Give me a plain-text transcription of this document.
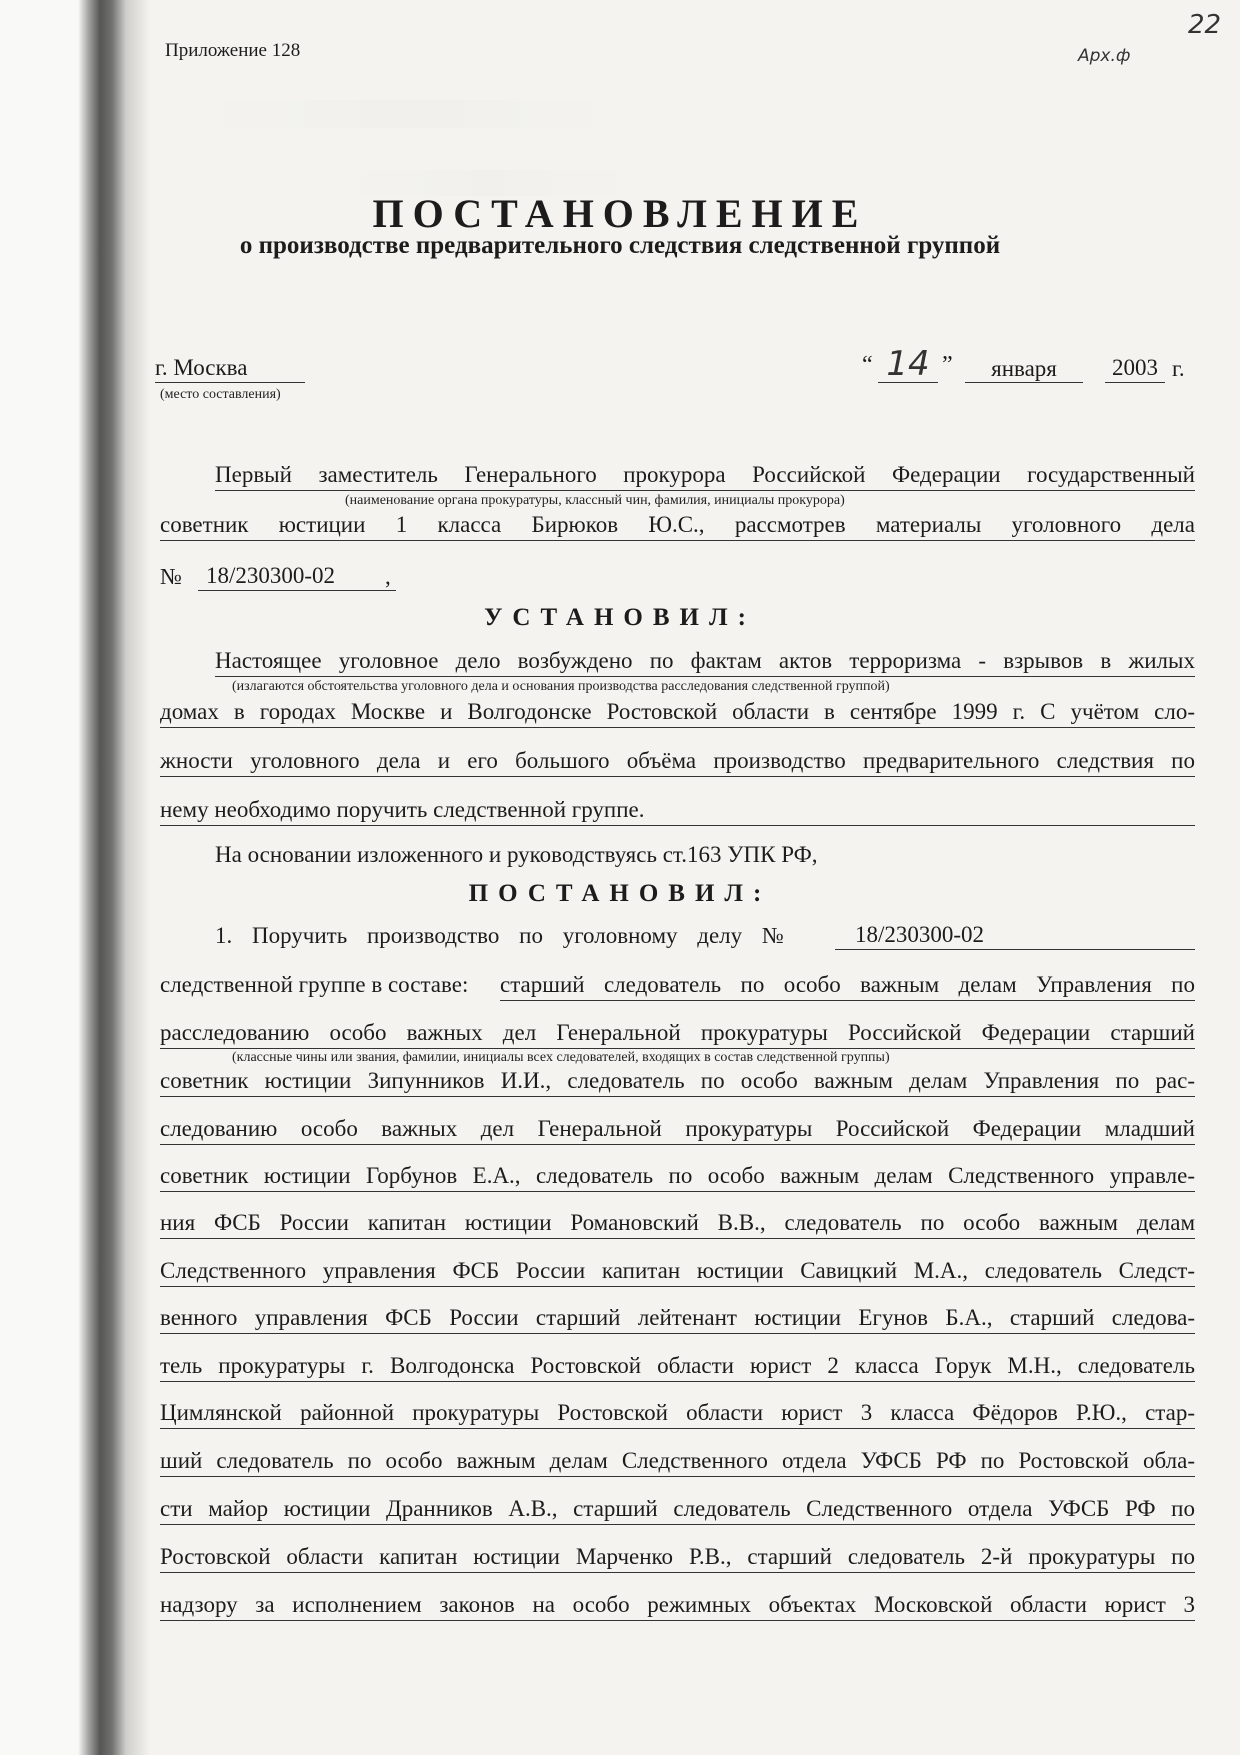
Приложение 128
22
Арх.ф
ПОСТАНОВЛЕНИЕ
о производстве предварительного следствия следственной группой
г. Москва
(место составления)
“ 14 ”	января	2003 г.
Первый заместитель Генерального прокурора Российской Федерации государственный
(наименование органа прокуратуры, классный чин, фамилия, инициалы прокурора)
советник юстиции 1 класса Бирюков Ю.С., рассмотрев материалы уголовного дела
№	18/230300-02	,
УСТАНОВИЛ:
Настоящее уголовное дело возбуждено по фактам актов терроризма - взрывов в жилых
(излагаются обстоятельства уголовного дела и основания производства расследования следственной группой)
домах в городах Москве и Волгодонске Ростовской области в сентябре 1999 г. С учётом сло-
жности уголовного дела и его большого объёма производство предварительного следствия по
нему необходимо поручить следственной группе.
На основании изложенного и руководствуясь ст.163 УПК РФ,
ПОСТАНОВИЛ:
1. Поручить производство по уголовному делу №	18/230300-02
следственной группе в составе: старший следователь по особо важным делам Управления по
расследованию особо важных дел Генеральной прокуратуры Российской Федерации старший
(классные чины или звания, фамилии, инициалы всех следователей, входящих в состав следственной группы)
советник юстиции Зипунников И.И., следователь по особо важным делам Управления по рас-
следованию особо важных дел Генеральной прокуратуры Российской Федерации младший
советник юстиции Горбунов Е.А., следователь по особо важным делам Следственного управле-
ния ФСБ России капитан юстиции Романовский В.В., следователь по особо важным делам
Следственного управления ФСБ России капитан юстиции Савицкий М.А., следователь Следст-
венного управления ФСБ России старший лейтенант юстиции Егунов Б.А., старший следова-
тель прокуратуры г. Волгодонска Ростовской области юрист 2 класса Горук М.Н., следователь
Цимлянской районной прокуратуры Ростовской области юрист 3 класса Фёдоров Р.Ю., стар-
ший следователь по особо важным делам Следственного отдела УФСБ РФ по Ростовской обла-
сти майор юстиции Дранников А.В., старший следователь Следственного отдела УФСБ РФ по
Ростовской области капитан юстиции Марченко Р.В., старший следователь 2-й прокуратуры по
надзору за исполнением законов на особо режимных объектах Московской области юрист 3
